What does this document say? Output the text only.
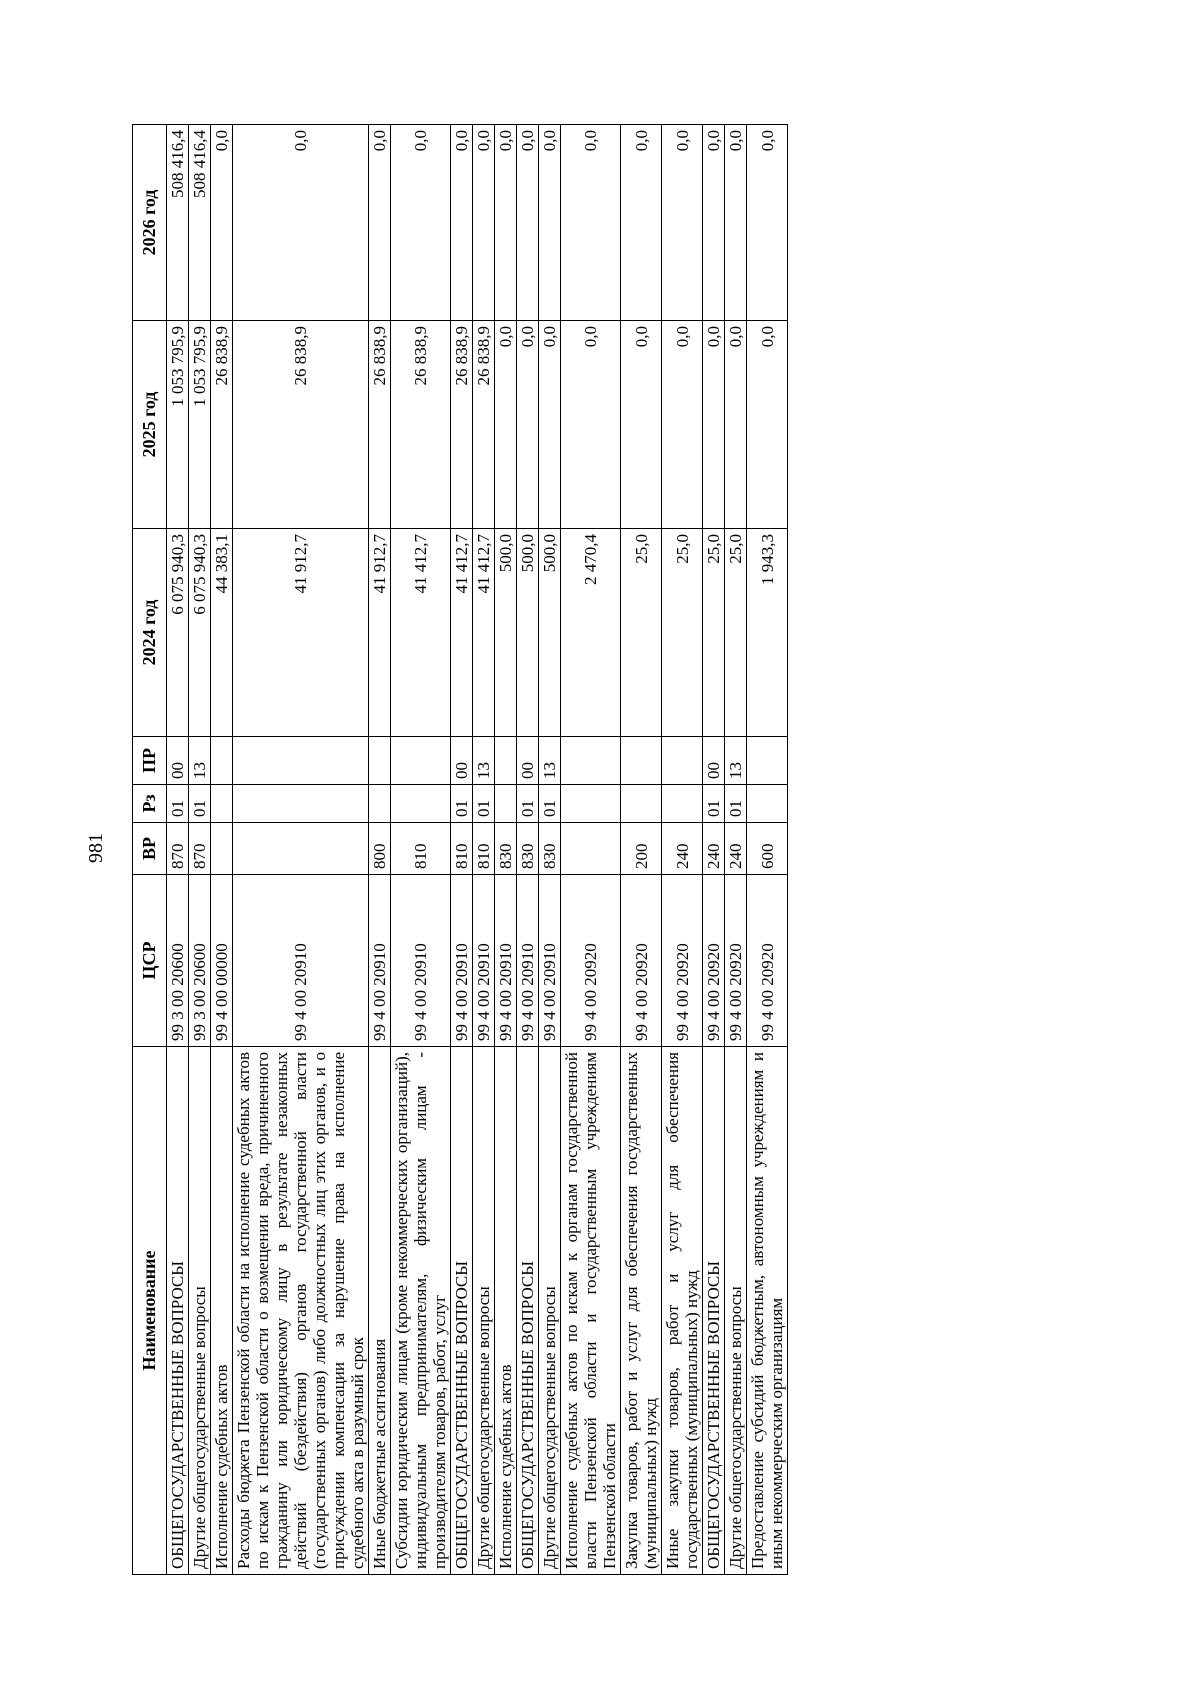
981
Наименование	ЦСР	ВР	Рз	ПР	2024 год	2025 год	2026 год
ОБЩЕГОСУДАРСТВЕННЫЕ ВОПРОСЫ	99 3 00 20600	870	01	00	6 075 940,3	1 053 795,9	508 416,4
Другие общегосударственные вопросы	99 3 00 20600	870	01	13	6 075 940,3	1 053 795,9	508 416,4
Исполнение судебных актов	99 4 00 00000				44 383,1	26 838,9	0,0
Расходы бюджета Пензенской области на исполнение судебных актов по искам к Пензенской области о возмещении вреда, причиненного гражданину или юридическому лицу в результате незаконных действий (бездействия) органов государственной власти (государственных органов) либо должностных лиц этих органов, и о присуждении компенсации за нарушение права на исполнение судебного акта в разумный срок	99 4 00 20910				41 912,7	26 838,9	0,0
Иные бюджетные ассигнования	99 4 00 20910	800			41 912,7	26 838,9	0,0
Субсидии юридическим лицам (кроме некоммерческих организаций), индивидуальным предпринимателям, физическим лицам - производителям товаров, работ, услуг	99 4 00 20910	810			41 412,7	26 838,9	0,0
ОБЩЕГОСУДАРСТВЕННЫЕ ВОПРОСЫ	99 4 00 20910	810	01	00	41 412,7	26 838,9	0,0
Другие общегосударственные вопросы	99 4 00 20910	810	01	13	41 412,7	26 838,9	0,0
Исполнение судебных актов	99 4 00 20910	830			500,0	0,0	0,0
ОБЩЕГОСУДАРСТВЕННЫЕ ВОПРОСЫ	99 4 00 20910	830	01	00	500,0	0,0	0,0
Другие общегосударственные вопросы	99 4 00 20910	830	01	13	500,0	0,0	0,0
Исполнение судебных актов по искам к органам государственной власти Пензенской области и государственным учреждениям Пензенской области	99 4 00 20920				2 470,4	0,0	0,0
Закупка товаров, работ и услуг для обеспечения государственных (муниципальных) нужд	99 4 00 20920	200			25,0	0,0	0,0
Иные закупки товаров, работ и услуг для обеспечения государственных (муниципальных) нужд	99 4 00 20920	240			25,0	0,0	0,0
ОБЩЕГОСУДАРСТВЕННЫЕ ВОПРОСЫ	99 4 00 20920	240	01	00	25,0	0,0	0,0
Другие общегосударственные вопросы	99 4 00 20920	240	01	13	25,0	0,0	0,0
Предоставление субсидий бюджетным, автономным учреждениям и иным некоммерческим организациям	99 4 00 20920	600			1 943,3	0,0	0,0
